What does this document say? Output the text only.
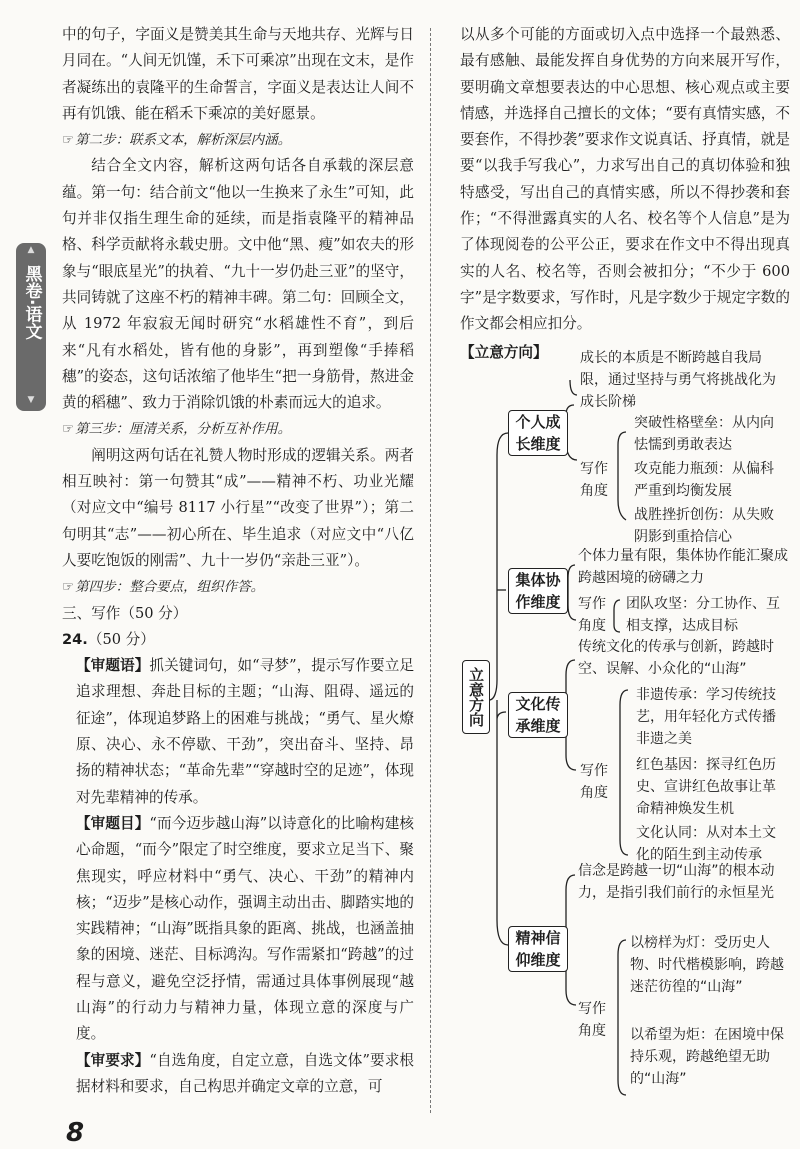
▲
黑卷·语文
▼

中的句子，字面义是赞美其生命与天地共存、光辉与日月同在。“人间无饥馑，禾下可乘凉”出现在文末，是作者凝练出的袁隆平的生命誓言，字面义是表达让人间不再有饥饿、能在稻禾下乘凉的美好愿景。

☞第二步：联系文本，解析深层内涵。

结合全文内容，解析这两句话各自承载的深层意蕴。第一句：结合前文“他以一生换来了永生”可知，此句并非仅指生理生命的延续，而是指袁隆平的精神品格、科学贡献将永载史册。文中他“黑、瘦”如农夫的形象与“眼底星光”的执着、“九十一岁仍赴三亚”的坚守，共同铸就了这座不朽的精神丰碑。第二句：回顾全文，从 1972 年寂寂无闻时研究“水稻雄性不育”，到后来“凡有水稻处，皆有他的身影”，再到塑像“手捧稻穗”的姿态，这句话浓缩了他毕生“把一身筋骨，熬进金黄的稻穗”、致力于消除饥饿的朴素而远大的追求。

☞第三步：厘清关系，分析互补作用。

阐明这两句话在礼赞人物时形成的逻辑关系。两者相互映衬：第一句赞其“成”——精神不朽、功业光耀（对应文中“编号 8117 小行星”“改变了世界”）；第二句明其“志”——初心所在、毕生追求（对应文中“八亿人要吃饱饭的刚需”、九十一岁仍“亲赴三亚”）。

☞第四步：整合要点，组织作答。

三、写作（50 分）

24.（50 分）

【审题语】抓关键词句，如“寻梦”，提示写作要立足追求理想、奔赴目标的主题；“山海、阻碍、遥远的征途”，体现追梦路上的困难与挑战；“勇气、星火燎原、决心、永不停歇、干劲”，突出奋斗、坚持、昂扬的精神状态；“革命先辈”“穿越时空的足迹”，体现对先辈精神的传承。

【审题目】“而今迈步越山海”以诗意化的比喻构建核心命题，“而今”限定了时空维度，要求立足当下、聚焦现实，呼应材料中“勇气、决心、干劲”的精神内核；“迈步”是核心动作，强调主动出击、脚踏实地的实践精神；“山海”既指具象的距离、挑战，也涵盖抽象的困境、迷茫、目标鸿沟。写作需紧扣“跨越”的过程与意义，避免空泛抒情，需通过具体事例展现“越山海”的行动力与精神力量，体现立意的深度与广度。

【审要求】“自选角度，自定立意，自选文体”要求根据材料和要求，自己构思并确定文章的立意，可

以从多个可能的方面或切入点中选择一个最熟悉、最有感触、最能发挥自身优势的方向来展开写作，要明确文章想要表达的中心思想、核心观点或主要情感，并选择自己擅长的文体；“要有真情实感，不要套作，不得抄袭”要求作文说真话、抒真情，就是要“以我手写我心”，力求写出自己的真切体验和独特感受，写出自己的真情实感，所以不得抄袭和套作；“不得泄露真实的人名、校名等个人信息”是为了体现阅卷的公平公正，要求在作文中不得出现真实的人名、校名等，否则会被扣分；“不少于 600 字”是字数要求，写作时，凡是字数少于规定字数的作文都会相应扣分。

【立意方向】

立意方向
个人成长维度
成长的本质是不断跨越自我局限，通过坚持与勇气将挑战化为成长阶梯
写作角度
突破性格壁垒：从内向怯懦到勇敢表达
攻克能力瓶颈：从偏科严重到均衡发展
战胜挫折创伤：从失败阴影到重拾信心
集体协作维度
个体力量有限，集体协作能汇聚成跨越困境的磅礴之力
写作角度
团队攻坚：分工协作、互相支撑，达成目标
文化传承维度
传统文化的传承与创新，跨越时空、误解、小众化的“山海”
写作角度
非遗传承：学习传统技艺，用年轻化方式传播非遗之美
红色基因：探寻红色历史、宣讲红色故事让革命精神焕发生机
文化认同：从对本土文化的陌生到主动传承
精神信仰维度
信念是跨越一切“山海”的根本动力，是指引我们前行的永恒星光
写作角度
以榜样为灯：受历史人物、时代楷模影响，跨越迷茫彷徨的“山海”
以希望为炬：在困境中保持乐观，跨越绝望无助的“山海”
8
